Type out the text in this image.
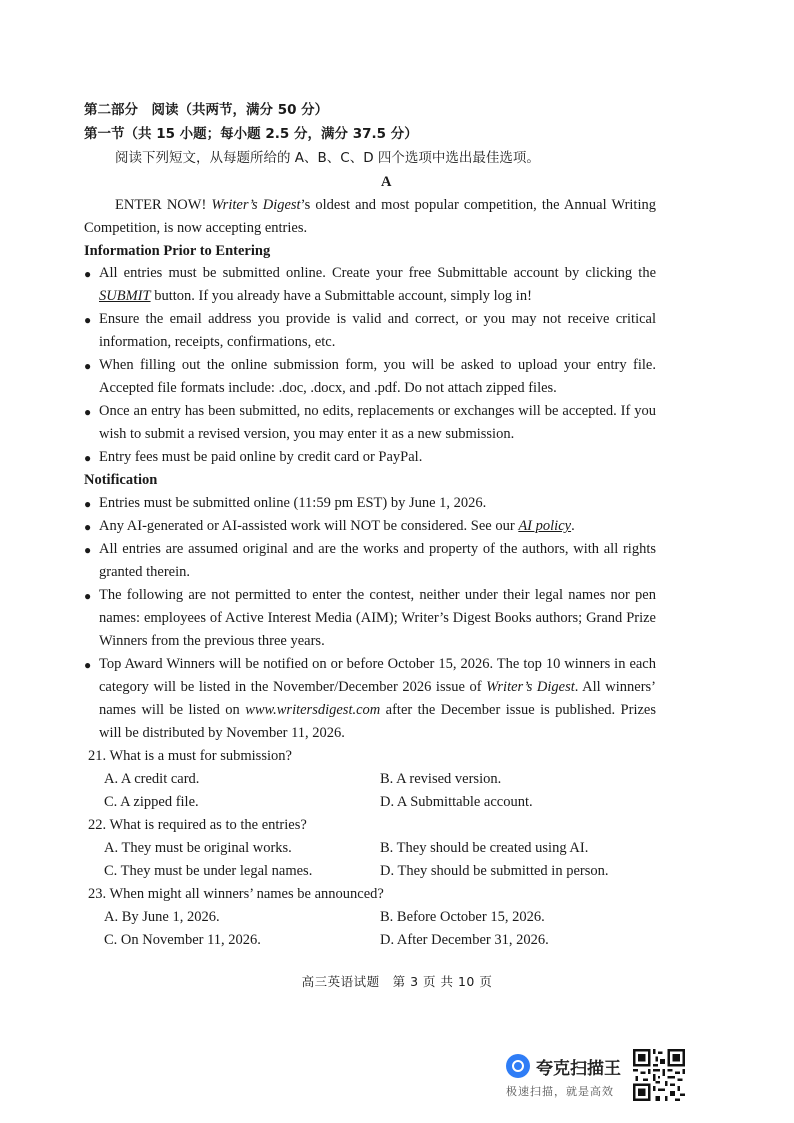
第二部分　阅读（共两节，满分 50 分）
第一节（共 15 小题；每小题 2.5 分，满分 37.5 分）
阅读下列短文，从每题所给的 A、B、C、D 四个选项中选出最佳选项。
A
ENTER NOW! Writer’s Digest’s oldest and most popular competition, the Annual Writing Competition, is now accepting entries.
Information Prior to Entering
● All entries must be submitted online. Create your free Submittable account by clicking the SUBMIT button. If you already have a Submittable account, simply log in!
● Ensure the email address you provide is valid and correct, or you may not receive critical information, receipts, confirmations, etc.
● When filling out the online submission form, you will be asked to upload your entry file. Accepted file formats include: .doc, .docx, and .pdf. Do not attach zipped files.
● Once an entry has been submitted, no edits, replacements or exchanges will be accepted. If you wish to submit a revised version, you may enter it as a new submission.
● Entry fees must be paid online by credit card or PayPal.
Notification
● Entries must be submitted online (11:59 pm EST) by June 1, 2026.
● Any AI-generated or AI-assisted work will NOT be considered. See our AI policy.
● All entries are assumed original and are the works and property of the authors, with all rights granted therein.
● The following are not permitted to enter the contest, neither under their legal names nor pen names: employees of Active Interest Media (AIM); Writer’s Digest Books authors; Grand Prize Winners from the previous three years.
● Top Award Winners will be notified on or before October 15, 2026. The top 10 winners in each category will be listed in the November/December 2026 issue of Writer’s Digest. All winners’ names will be listed on www.writersdigest.com after the December issue is published. Prizes will be distributed by November 11, 2026.
21. What is a must for submission?
A. A credit card.	B. A revised version.
C. A zipped file.	D. A Submittable account.
22. What is required as to the entries?
A. They must be original works.	B. They should be created using AI.
C. They must be under legal names.	D. They should be submitted in person.
23. When might all winners’ names be announced?
A. By June 1, 2026.	B. Before October 15, 2026.
C. On November 11, 2026.	D. After December 31, 2026.
高三英语试题　第 3 页 共 10 页
夸克扫描王
极速扫描，就是高效
